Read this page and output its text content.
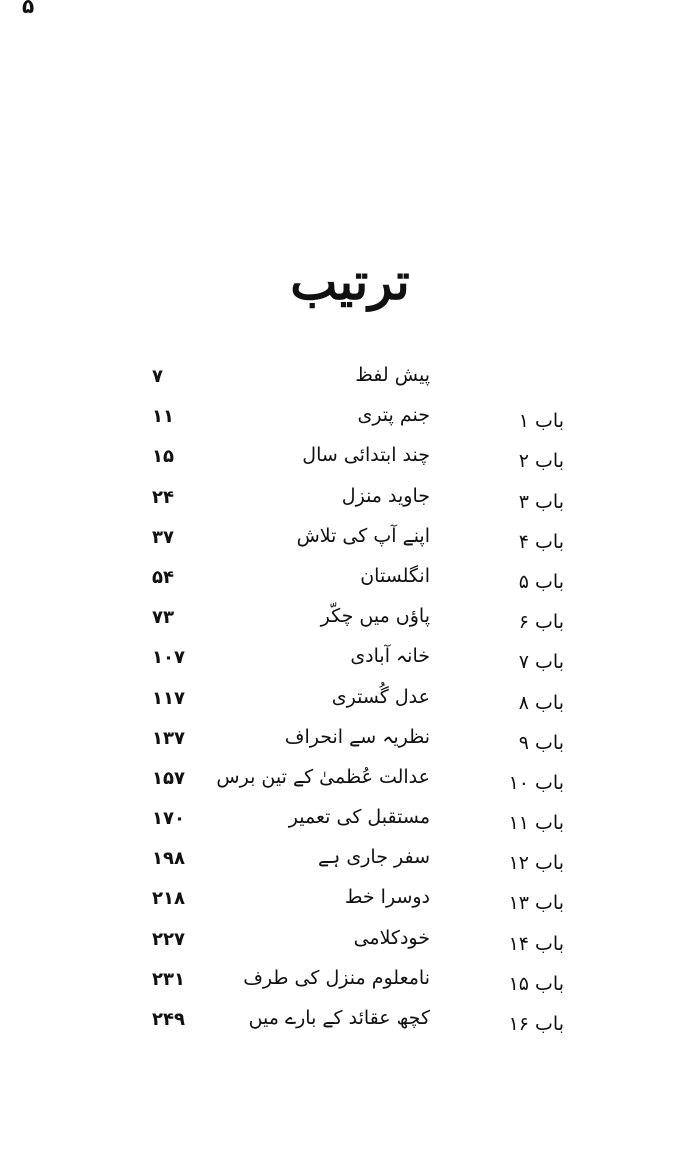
۵
ترتیب
پیش لفظ
۷
باب ۱
جنم پتری
۱۱
باب ۲
چند ابتدائی سال
۱۵
باب ۳
جاوید منزل
۲۴
باب ۴
اپنے آپ کی تلاش
۳۷
باب ۵
انگلستان
۵۴
باب ۶
پاؤں میں چکّر
۷۳
باب ۷
خانہ آبادی
۱۰۷
باب ۸
عدل گُستری
۱۱۷
باب ۹
نظریہ سے انحراف
۱۳۷
باب ۱۰
عدالت عُظمیٰ کے تین برس
۱۵۷
باب ۱۱
مستقبل کی تعمیر
۱۷۰
باب ۱۲
سفر جاری ہے
۱۹۸
باب ۱۳
دوسرا خط
۲۱۸
باب ۱۴
خودکلامی
۲۲۷
باب ۱۵
نامعلوم منزل کی طرف
۲۳۱
باب ۱۶
کچھ عقائد کے بارے میں
۲۴۹
